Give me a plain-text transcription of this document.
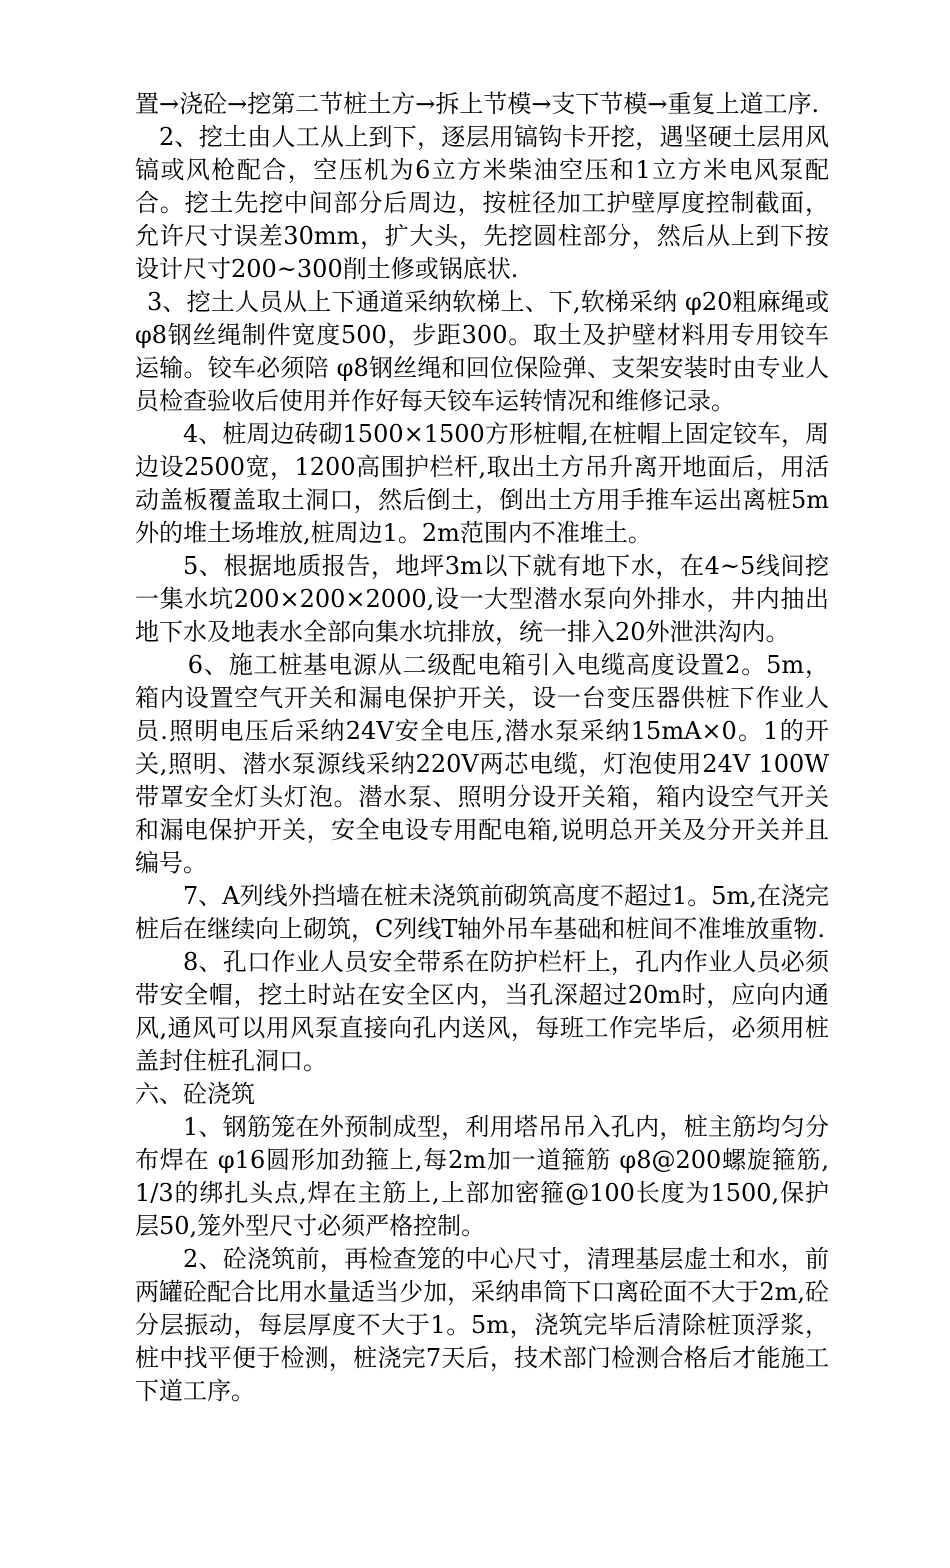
置→浇砼→挖第二节桩土方→拆上节模→支下节模→重复上道工序.

2、挖土由人工从上到下，逐层用镐钩卡开挖，遇坚硬土层用风镐或风枪配合，空压机为6立方米柴油空压和1立方米电风泵配合。挖土先挖中间部分后周边，按桩径加工护壁厚度控制截面，允许尺寸误差30mm，扩大头，先挖圆柱部分，然后从上到下按设计尺寸200~300削土修或锅底状.

3、挖土人员从上下通道采纳软梯上、下,软梯采纳 φ20粗麻绳或 φ8钢丝绳制件宽度500，步距300。取土及护壁材料用专用铰车运输。铰车必须陪 φ8钢丝绳和回位保险弹、支架安装时由专业人员检查验收后使用并作好每天铰车运转情况和维修记录。

4、桩周边砖砌1500×1500方形桩帽,在桩帽上固定铰车，周边设2500宽，1200高围护栏杆,取出土方吊升离开地面后，用活动盖板覆盖取土洞口，然后倒土，倒出土方用手推车运出离桩5m外的堆土场堆放,桩周边1。2m范围内不准堆土。

5、根据地质报告，地坪3m以下就有地下水，在4~5线间挖一集水坑200×200×2000,设一大型潜水泵向外排水，井内抽出地下水及地表水全部向集水坑排放，统一排入20外泄洪沟内。

6、施工桩基电源从二级配电箱引入电缆高度设置2。5m，箱内设置空气开关和漏电保护开关，设一台变压器供桩下作业人员.照明电压后采纳24V安全电压,潜水泵采纳15mA×0。1的开关,照明、潜水泵源线采纳220V两芯电缆，灯泡使用24V 100W带罩安全灯头灯泡。潜水泵、照明分设开关箱，箱内设空气开关和漏电保护开关，安全电设专用配电箱,说明总开关及分开关并且编号。

7、A列线外挡墙在桩未浇筑前砌筑高度不超过1。5m,在浇完桩后在继续向上砌筑，C列线T轴外吊车基础和桩间不准堆放重物.

8、孔口作业人员安全带系在防护栏杆上，孔内作业人员必须带安全帽，挖土时站在安全区内，当孔深超过20m时，应向内通风,通风可以用风泵直接向孔内送风，每班工作完毕后，必须用桩盖封住桩孔洞口。

六、砼浇筑

1、钢筋笼在外预制成型，利用塔吊吊入孔内，桩主筋均匀分布焊在 φ16圆形加劲箍上,每2m加一道箍筋 φ8@200螺旋箍筋,1/3的绑扎头点,焊在主筋上,上部加密箍@100长度为1500,保护层50,笼外型尺寸必须严格控制。

2、砼浇筑前，再检查笼的中心尺寸，清理基层虚土和水，前两罐砼配合比用水量适当少加，采纳串筒下口离砼面不大于2m,砼分层振动，每层厚度不大于1。5m，浇筑完毕后清除桩顶浮浆，桩中找平便于检测，桩浇完7天后，技术部门检测合格后才能施工下道工序。
